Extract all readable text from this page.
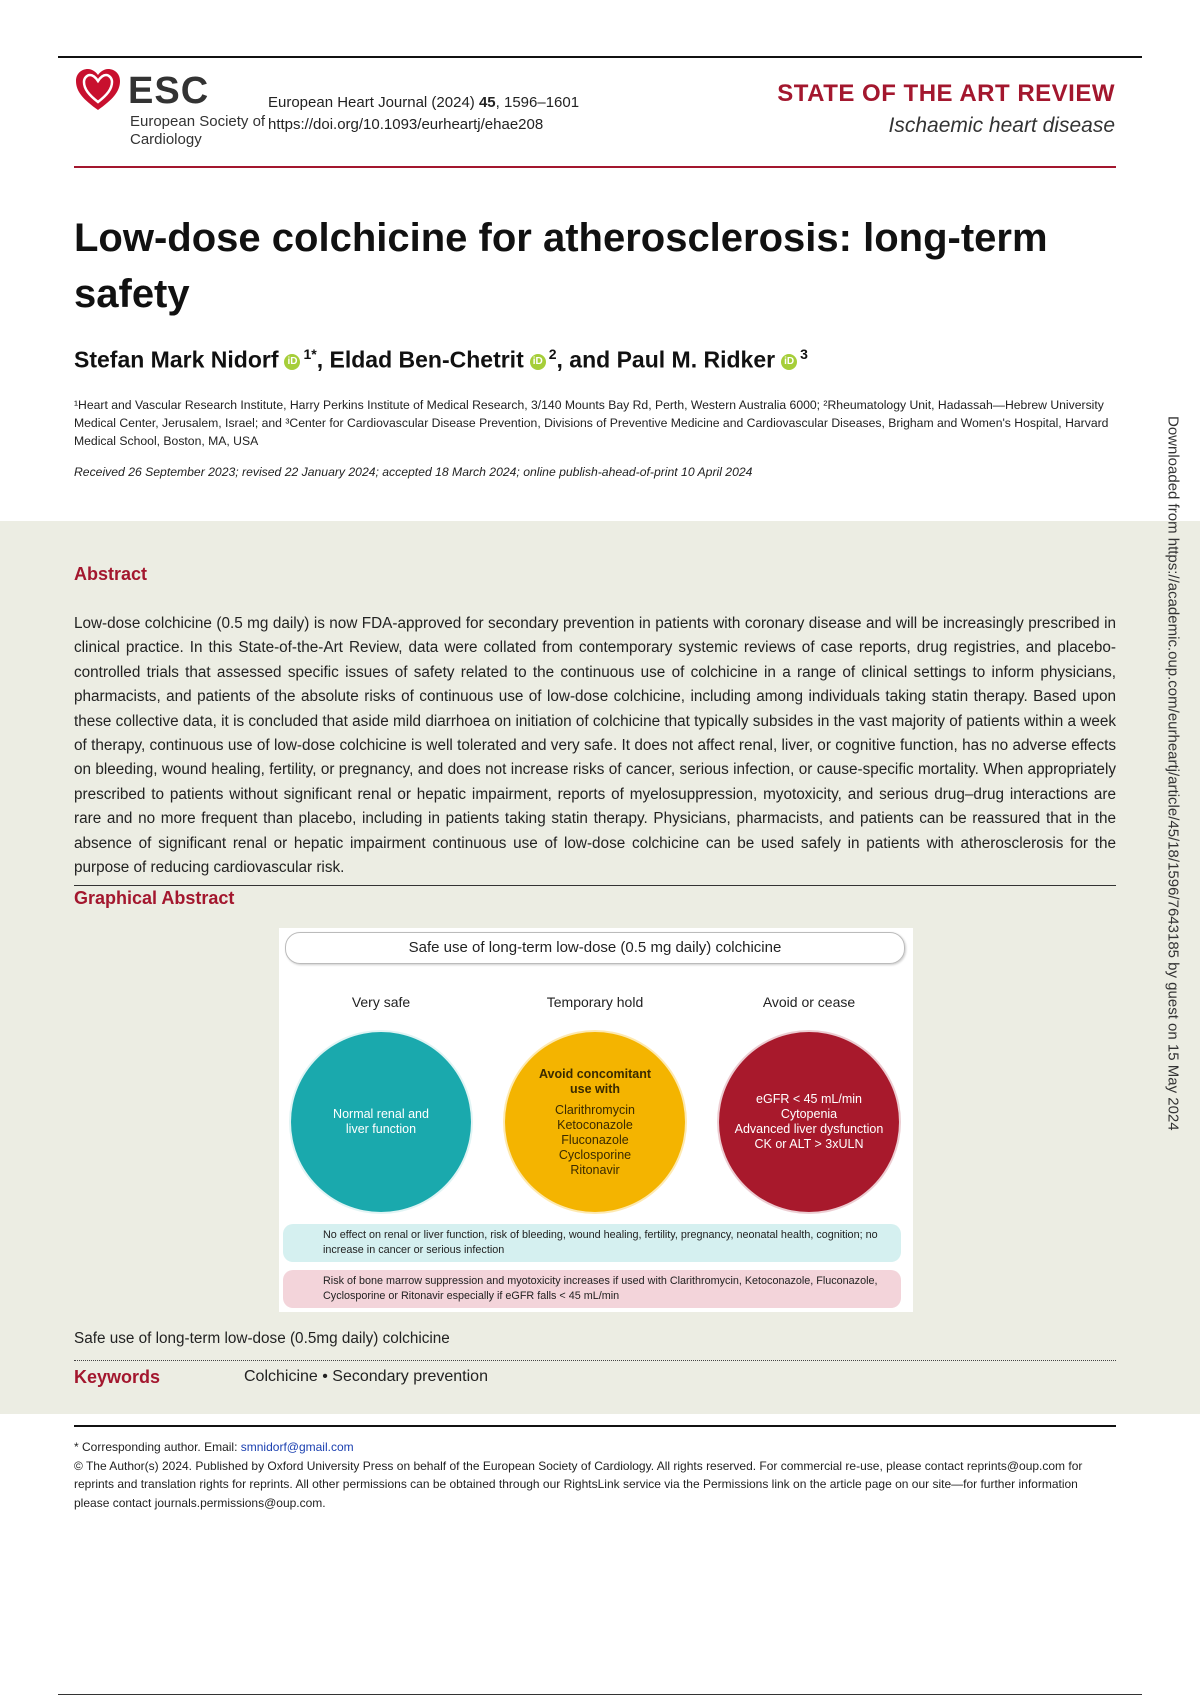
ESC
European Society of Cardiology
European Heart Journal (2024) 45, 1596–1601
https://doi.org/10.1093/eurheartj/ehae208
STATE OF THE ART REVIEW
Ischaemic heart disease
Low-dose colchicine for atherosclerosis: long-term safety
Stefan Mark Nidorf iD $^{1*}$, Eldad Ben-Chetrit iD $^2$, and Paul M. Ridker iD $^3$
¹Heart and Vascular Research Institute, Harry Perkins Institute of Medical Research, 3/140 Mounts Bay Rd, Perth, Western Australia 6000; ²Rheumatology Unit, Hadassah—Hebrew University Medical Center, Jerusalem, Israel; and ³Center for Cardiovascular Disease Prevention, Divisions of Preventive Medicine and Cardiovascular Diseases, Brigham and Women's Hospital, Harvard Medical School, Boston, MA, USA
Received 26 September 2023; revised 22 January 2024; accepted 18 March 2024; online publish-ahead-of-print 10 April 2024
Abstract
Low-dose colchicine (0.5 mg daily) is now FDA-approved for secondary prevention in patients with coronary disease and will be increasingly prescribed in clinical practice. In this State-of-the-Art Review, data were collated from contemporary systemic reviews of case reports, drug registries, and placebo-controlled trials that assessed specific issues of safety related to the continuous use of colchicine in a range of clinical settings to inform physicians, pharmacists, and patients of the absolute risks of continuous use of low-dose colchicine, including among individuals taking statin therapy. Based upon these collective data, it is concluded that aside mild diarrhoea on initiation of colchicine that typically subsides in the vast majority of patients within a week of therapy, continuous use of low-dose colchicine is well tolerated and very safe. It does not affect renal, liver, or cognitive function, has no adverse effects on bleeding, wound healing, fertility, or pregnancy, and does not increase risks of cancer, serious infection, or cause-specific mortality. When appropriately prescribed to patients without significant renal or hepatic impairment, reports of myelosuppression, myotoxicity, and serious drug–drug interactions are rare and no more frequent than placebo, including in patients taking statin therapy. Physicians, pharmacists, and patients can be reassured that in the absence of significant renal or hepatic impairment continuous use of low-dose colchicine can be used safely in patients with atherosclerosis for the purpose of reducing cardiovascular risk.
Graphical Abstract
Safe use of long-term low-dose (0.5 mg daily) colchicine
Very safe	Temporary hold	Avoid or cease
Normal renal and
liver function
Avoid concomitant use with
Clarithromycin
Ketoconazole
Fluconazole
Cyclosporine
Ritonavir
eGFR < 45 mL/min
Cytopenia
Advanced liver dysfunction
CK or ALT > 3xULN
No effect on renal or liver function, risk of bleeding, wound healing, fertility, pregnancy, neonatal health, cognition; no increase in cancer or serious infection
Risk of bone marrow suppression and myotoxicity increases if used with Clarithromycin, Ketoconazole, Fluconazole, Cyclosporine or Ritonavir especially if eGFR falls < 45 mL/min
Safe use of long-term low-dose (0.5mg daily) colchicine
Keywords	Colchicine • Secondary prevention
* Corresponding author. Email: smnidorf@gmail.com
© The Author(s) 2024. Published by Oxford University Press on behalf of the European Society of Cardiology. All rights reserved. For commercial re-use, please contact reprints@oup.com for reprints and translation rights for reprints. All other permissions can be obtained through our RightsLink service via the Permissions link on the article page on our site—for further information please contact journals.permissions@oup.com.
Downloaded from https://academic.oup.com/eurheartj/article/45/18/1596/7643185 by guest on 15 May 2024
